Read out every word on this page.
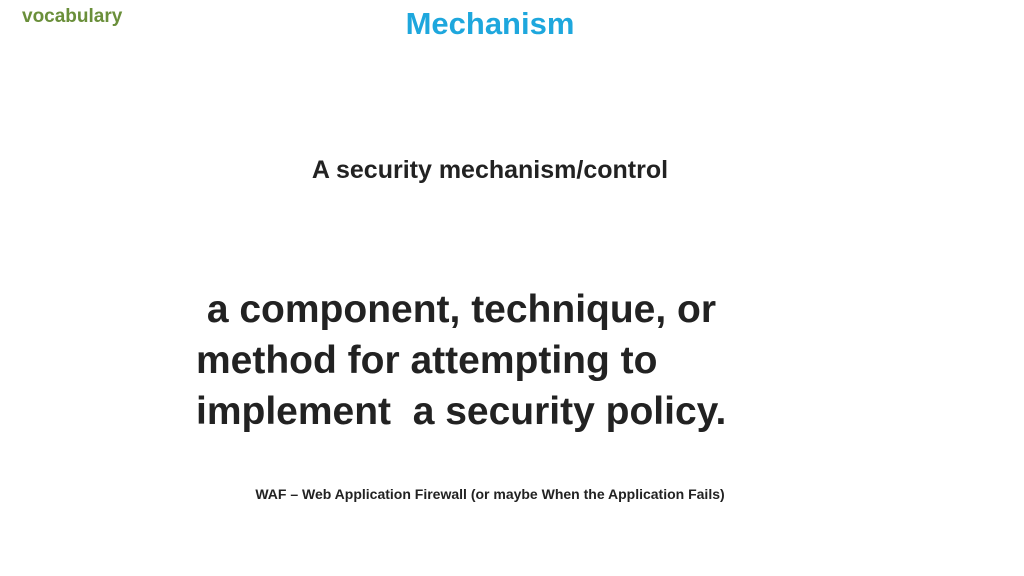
vocabulary	Mechanism
A security mechanism/control
a component, technique, or
method for attempting to
implement  a security policy.
WAF – Web Application Firewall (or maybe When the Application Fails)
